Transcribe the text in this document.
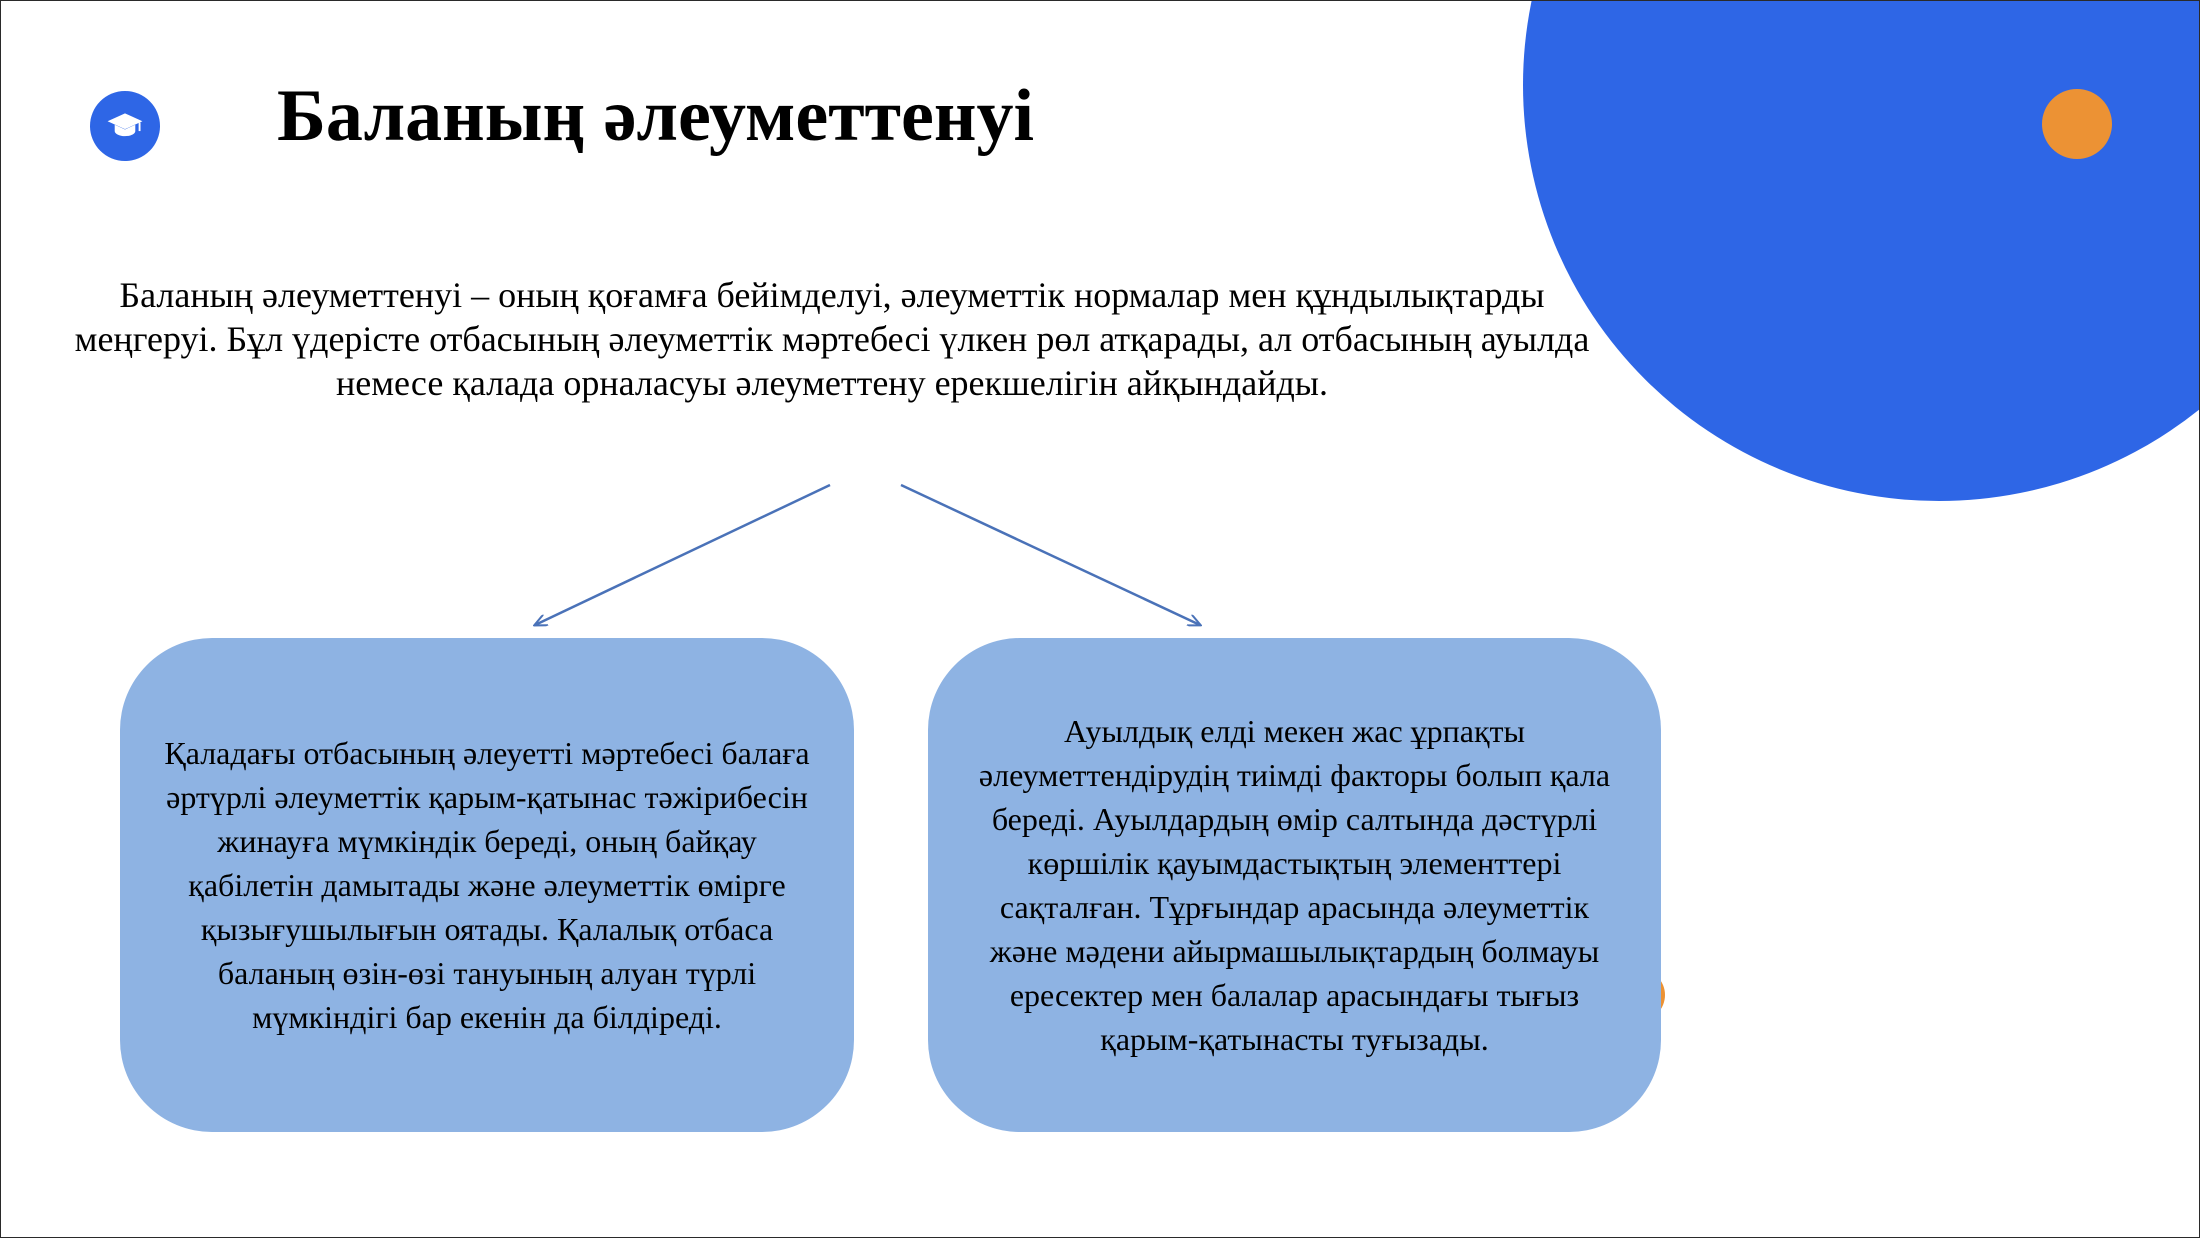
Баланың әлеуметтенуі

Баланың әлеуметтенуі – оның қоғамға бейімделуі, әлеуметтік нормалар мен құндылықтарды меңгеруі. Бұл үдерісте отбасының әлеуметтік мәртебесі үлкен рөл атқарады, ал отбасының ауылда немесе қалада орналасуы әлеуметтену ерекшелігін айқындайды.

Қаладағы отбасының әлеуетті мәртебесі балаға әртүрлі әлеуметтік қарым-қатынас тәжірибесін жинауға мүмкіндік береді, оның байқау қабілетін дамытады және әлеуметтік өмірге қызығушылығын оятады. Қалалық отбаса баланың өзін-өзі тануының алуан түрлі мүмкіндігі бар екенін да білдіреді.

Ауылдық елді мекен жас ұрпақты әлеуметтендірудің тиімді факторы болып қала береді. Ауылдардың өмір салтында дәстүрлі көршілік қауымдастықтың элементтері сақталған. Тұрғындар арасында әлеуметтік және мәдени айырмашылықтардың болмауы ересектер мен балалар арасындағы тығыз қарым-қатынасты туғызады.
